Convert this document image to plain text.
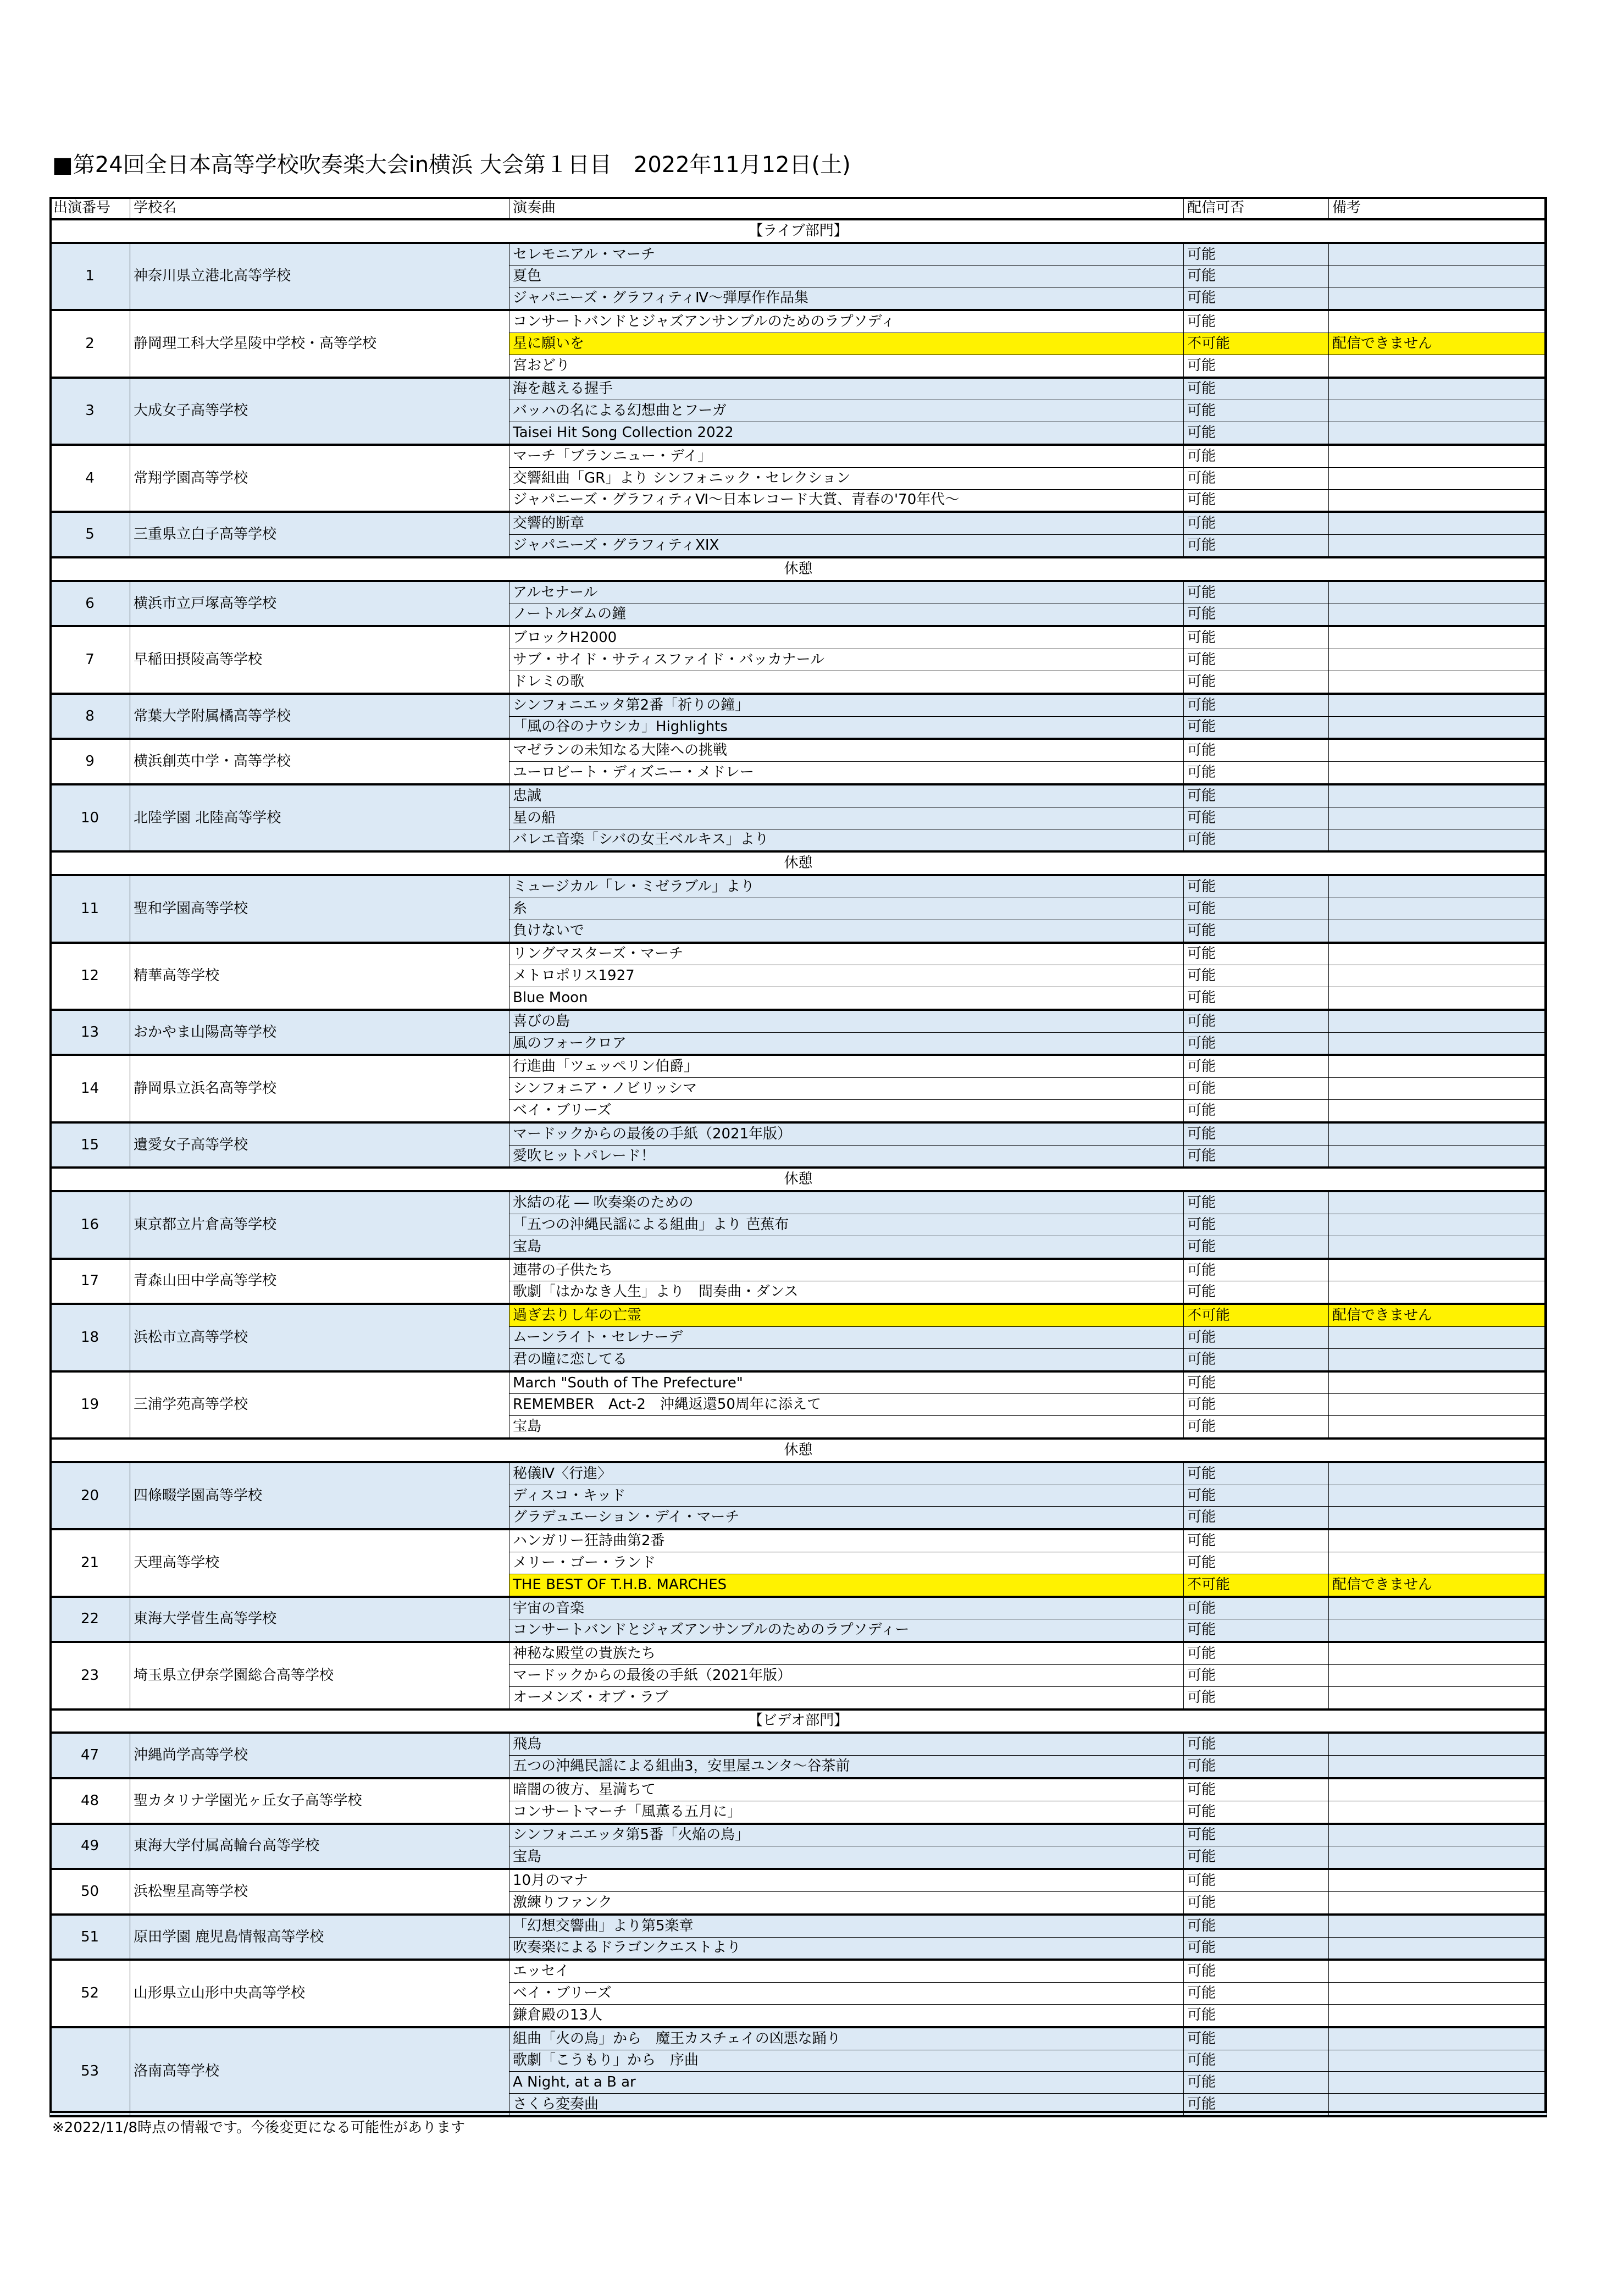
■第24回全日本高等学校吹奏楽大会in横浜 大会第１日目　2022年11月12日(土)
出演番号	学校名	演奏曲	配信可否	備考
【ライブ部門】				
1	神奈川県立港北高等学校	セレモニアル・マーチ	可能	
		夏色	可能	
		ジャパニーズ・グラフィティⅣ～弾厚作作品集	可能	
2	静岡理工科大学星陵中学校・高等学校	コンサートバンドとジャズアンサンブルのためのラプソディ	可能	
		星に願いを	不可能	配信できません
		宮おどり	可能	
3	大成女子高等学校	海を越える握手	可能	
		バッハの名による幻想曲とフーガ	可能	
		Taisei Hit Song Collection 2022	可能	
4	常翔学園高等学校	マーチ「ブランニュー・デイ」	可能	
		交響組曲「GR」より シンフォニック・セレクション	可能	
		ジャパニーズ・グラフィティⅥ～日本レコード大賞、青春の'70年代～	可能	
5	三重県立白子高等学校	交響的断章	可能	
		ジャパニーズ・グラフィティXIX	可能	
休憩				
6	横浜市立戸塚高等学校	アルセナール	可能	
		ノートルダムの鐘	可能	
7	早稲田摂陵高等学校	ブロックH2000	可能	
		サブ・サイド・サティスファイド・バッカナール	可能	
		ドレミの歌	可能	
8	常葉大学附属橘高等学校	シンフォニエッタ第2番「祈りの鐘」	可能	
		「風の谷のナウシカ」Highlights	可能	
9	横浜創英中学・高等学校	マゼランの未知なる大陸への挑戦	可能	
		ユーロビート・ディズニー・メドレー	可能	
10	北陸学園 北陸高等学校	忠誠	可能	
		星の船	可能	
		バレエ音楽「シバの女王ベルキス」より	可能	
休憩				
11	聖和学園高等学校	ミュージカル「レ・ミゼラブル」より	可能	
		糸	可能	
		負けないで	可能	
12	精華高等学校	リングマスターズ・マーチ	可能	
		メトロポリス1927	可能	
		Blue Moon	可能	
13	おかやま山陽高等学校	喜びの島	可能	
		風のフォークロア	可能	
14	静岡県立浜名高等学校	行進曲「ツェッペリン伯爵」	可能	
		シンフォニア・ノビリッシマ	可能	
		ベイ・ブリーズ	可能	
15	遺愛女子高等学校	マードックからの最後の手紙（2021年版）	可能	
		愛吹ヒットパレード！	可能	
休憩				
16	東京都立片倉高等学校	氷結の花 ― 吹奏楽のための	可能	
		「五つの沖縄民謡による組曲」より 芭蕉布	可能	
		宝島	可能	
17	青森山田中学高等学校	連帯の子供たち	可能	
		歌劇「はかなき人生」より　間奏曲・ダンス	可能	
18	浜松市立高等学校	過ぎ去りし年の亡霊	不可能	配信できません
		ムーンライト・セレナーデ	可能	
		君の瞳に恋してる	可能	
19	三浦学苑高等学校	March "South of The Prefecture"	可能	
		REMEMBER　Act-2　沖縄返還50周年に添えて	可能	
		宝島	可能	
休憩				
20	四條畷学園高等学校	秘儀Ⅳ〈行進〉	可能	
		ディスコ・キッド	可能	
		グラデュエーション・デイ・マーチ	可能	
21	天理高等学校	ハンガリー狂詩曲第2番	可能	
		メリー・ゴー・ランド	可能	
		THE BEST OF T.H.B. MARCHES	不可能	配信できません
22	東海大学菅生高等学校	宇宙の音楽	可能	
		コンサートバンドとジャズアンサンブルのためのラプソディー	可能	
23	埼玉県立伊奈学園総合高等学校	神秘な殿堂の貴族たち	可能	
		マードックからの最後の手紙（2021年版）	可能	
		オーメンズ・オブ・ラブ	可能	
【ビデオ部門】				
47	沖縄尚学高等学校	飛鳥	可能	
		五つの沖縄民謡による組曲3，安里屋ユンタ～谷茶前	可能	
48	聖カタリナ学園光ヶ丘女子高等学校	暗闇の彼方、星満ちて	可能	
		コンサートマーチ「風薫る五月に」	可能	
49	東海大学付属高輪台高等学校	シンフォニエッタ第5番「火焔の鳥」	可能	
		宝島	可能	
50	浜松聖星高等学校	10月のマナ	可能	
		激練りファンク	可能	
51	原田学園 鹿児島情報高等学校	「幻想交響曲」より第5楽章	可能	
		吹奏楽によるドラゴンクエストより	可能	
52	山形県立山形中央高等学校	エッセイ	可能	
		ベイ・ブリーズ	可能	
		鎌倉殿の13人	可能	
53	洛南高等学校	組曲「火の鳥」から　魔王カスチェイの凶悪な踊り	可能	
		歌劇「こうもり」から　序曲	可能	
		A Night, at a B ar	可能	
		さくら変奏曲	可能	
※2022/11/8時点の情報です。今後変更になる可能性があります
